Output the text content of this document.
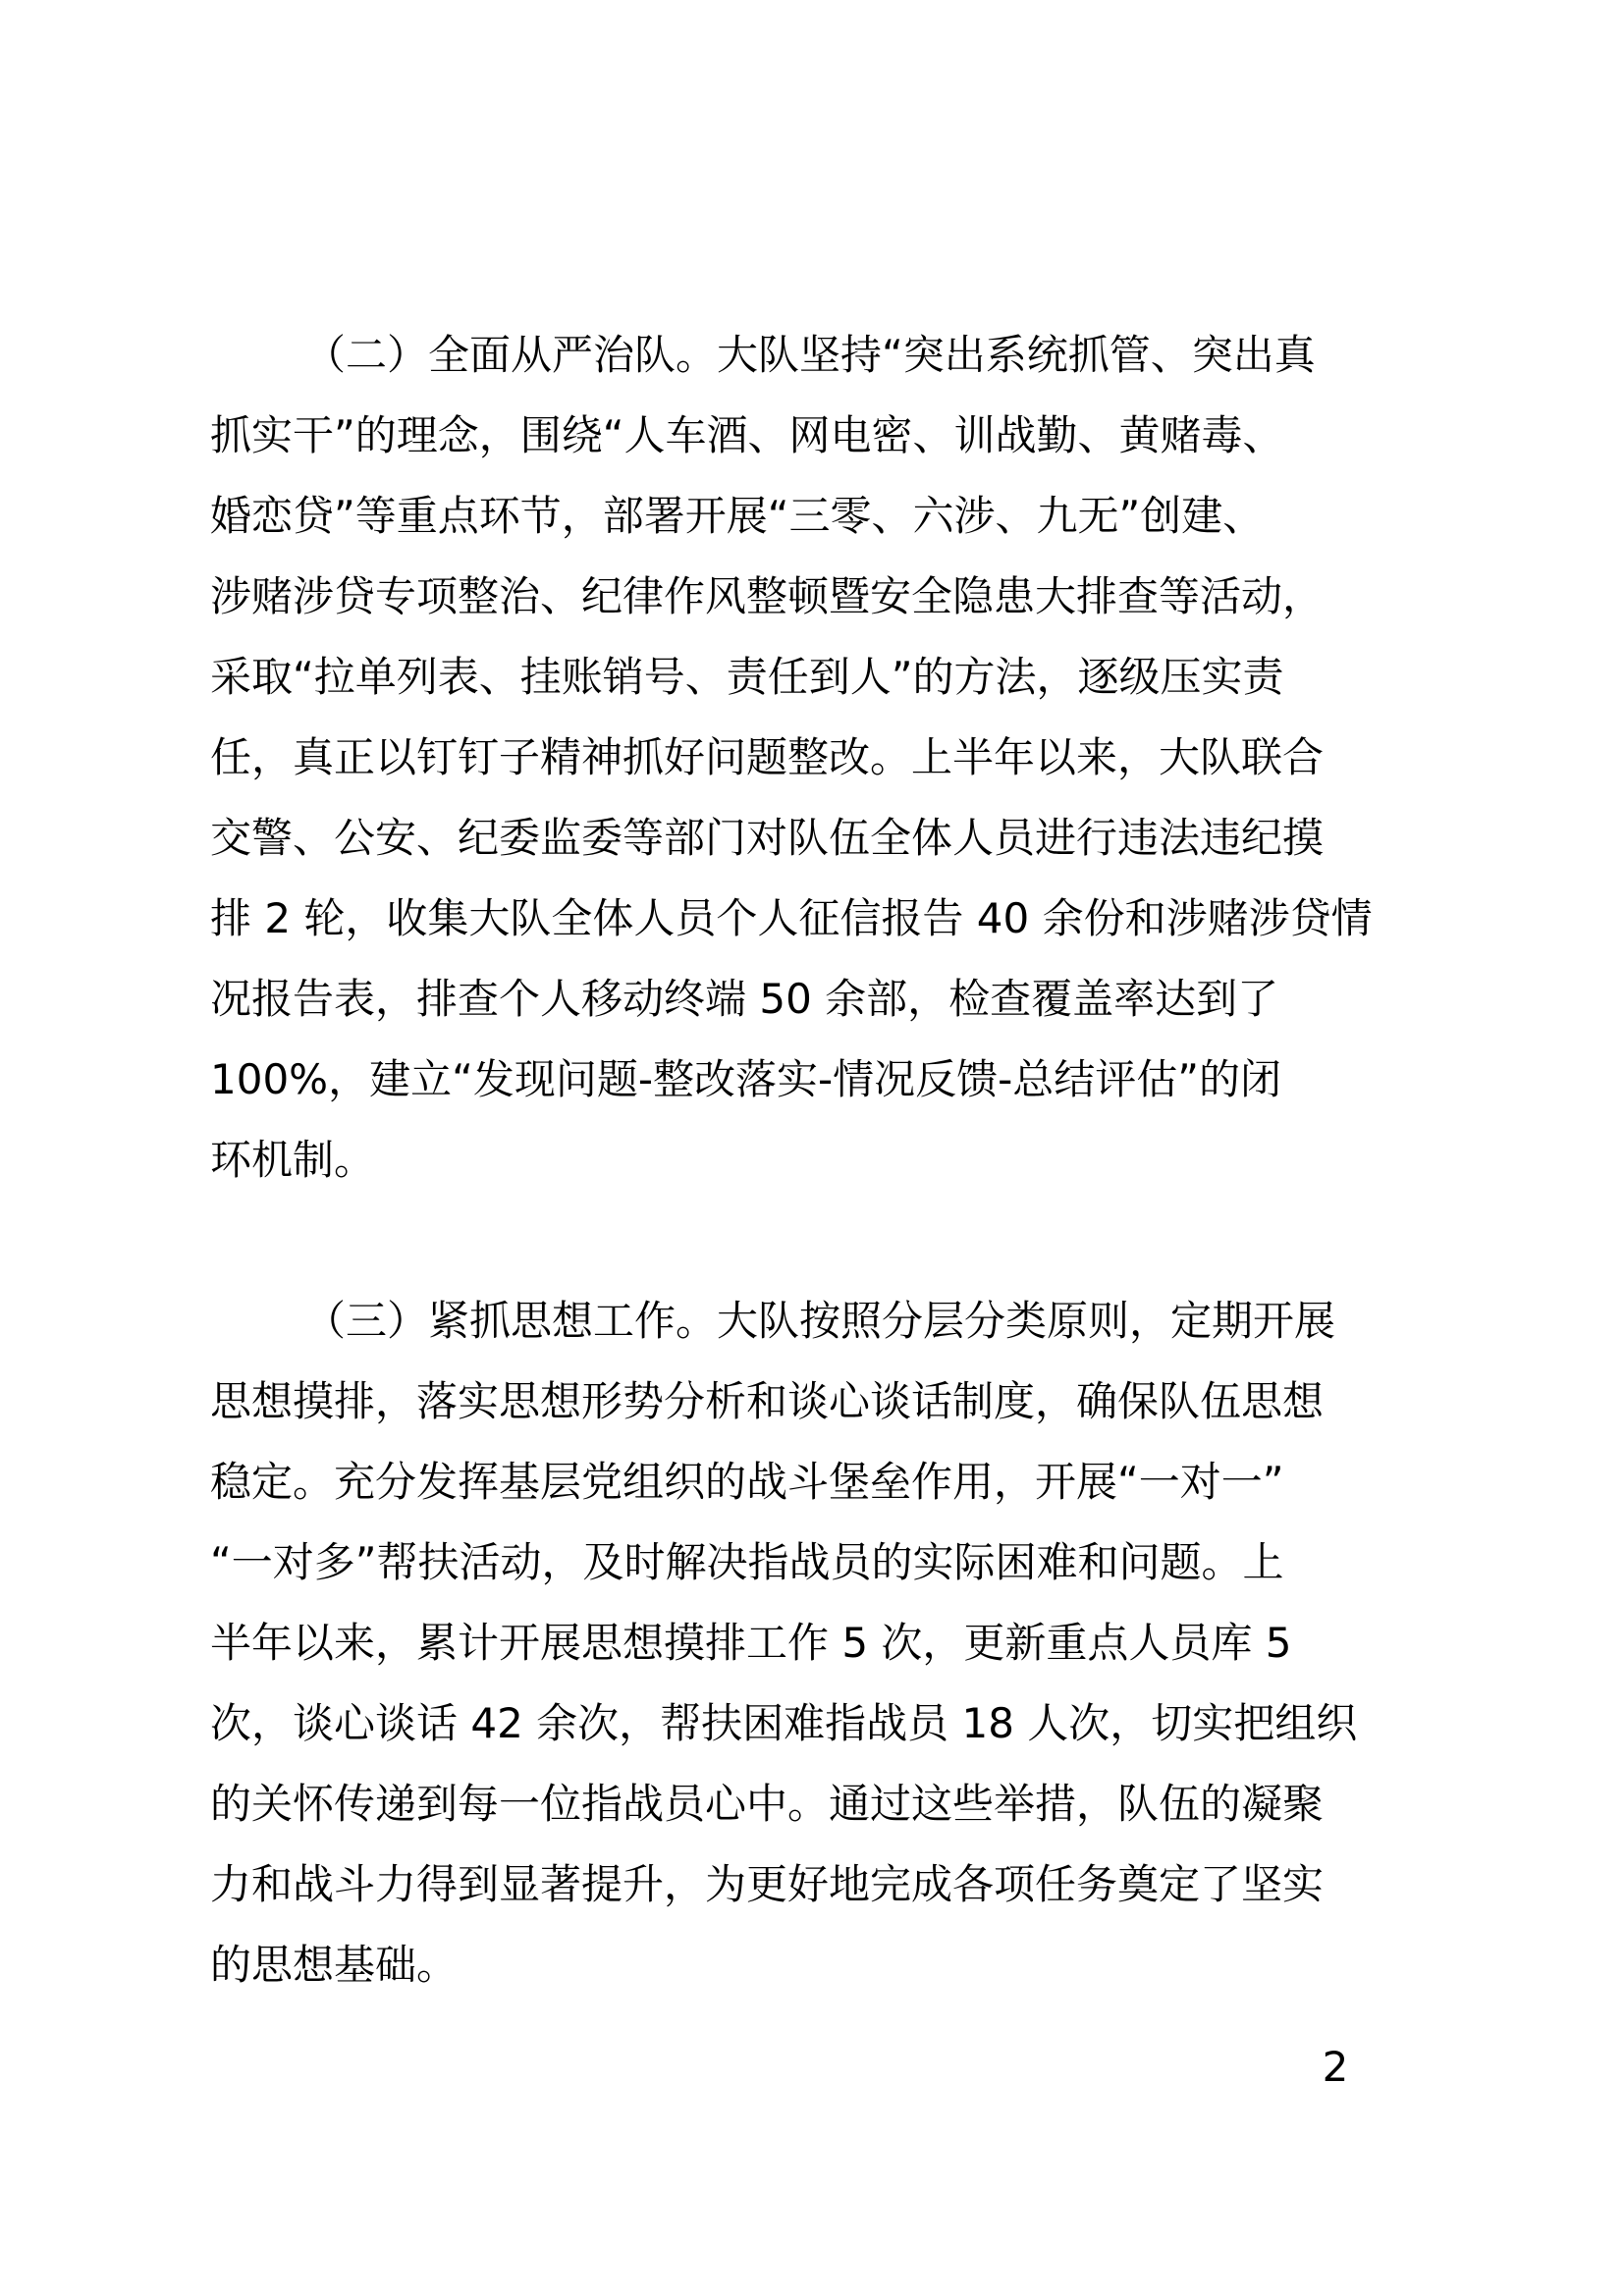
（二）全面从严治队。大队坚持“突出系统抓管、突出真
抓实干”的理念，围绕“人车酒、网电密、训战勤、黄赌毒、
婚恋贷”等重点环节，部署开展“三零、六涉、九无”创建、
涉赌涉贷专项整治、纪律作风整顿暨安全隐患大排查等活动，
采取“拉单列表、挂账销号、责任到人”的方法，逐级压实责
任，真正以钉钉子精神抓好问题整改。上半年以来，大队联合
交警、公安、纪委监委等部门对队伍全体人员进行违法违纪摸
排 2 轮，收集大队全体人员个人征信报告 40 余份和涉赌涉贷情
况报告表，排查个人移动终端 50 余部，检查覆盖率达到了
100%，建立“发现问题-整改落实-情况反馈-总结评估”的闭
环机制。
（三）紧抓思想工作。大队按照分层分类原则，定期开展
思想摸排，落实思想形势分析和谈心谈话制度，确保队伍思想
稳定。充分发挥基层党组织的战斗堡垒作用，开展“一对一”
“一对多”帮扶活动，及时解决指战员的实际困难和问题。上
半年以来，累计开展思想摸排工作 5 次，更新重点人员库 5
次，谈心谈话 42 余次，帮扶困难指战员 18 人次，切实把组织
的关怀传递到每一位指战员心中。通过这些举措，队伍的凝聚
力和战斗力得到显著提升，为更好地完成各项任务奠定了坚实
的思想基础。
2
